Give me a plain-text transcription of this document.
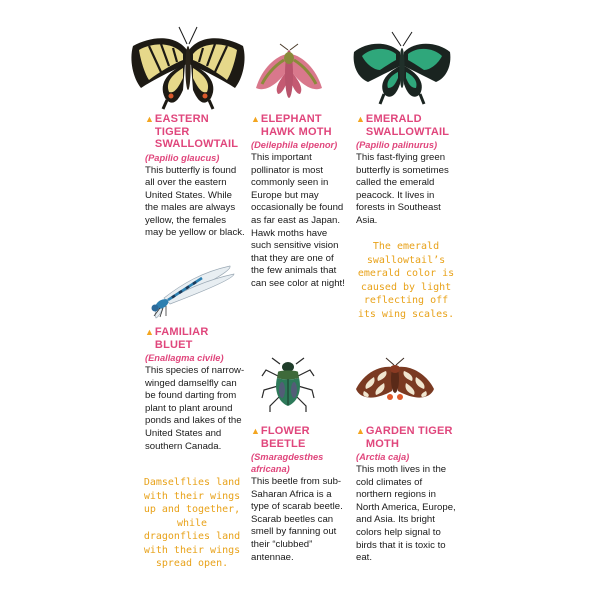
▲ EASTERN TIGER SWALLOWTAIL
(Papilio glaucus)
This butterfly is found all over the eastern United States. While the males are always yellow, the females may be yellow or black.
▲ ELEPHANT HAWK MOTH
(Deilephila elpenor)
This important pollinator is most commonly seen in Europe but may occasionally be found as far east as Japan. Hawk moths have such sensitive vision that they are one of the few animals that can see color at night!
▲ EMERALD SWALLOWTAIL
(Papilio palinurus)
This fast-flying green butterfly is sometimes called the emerald peacock. It lives in forests in Southeast Asia.
▲ FAMILIAR BLUET
(Enallagma civile)
This species of narrow-winged damselfly can be found darting from plant to plant around ponds and lakes of the United States and southern Canada.
▲ FLOWER BEETLE
(Smaragdesthes africana)
This beetle from sub-Saharan Africa is a type of scarab beetle. Scarab beetles can smell by fanning out their “clubbed” antennae.
▲ GARDEN TIGER MOTH
(Arctia caja)
This moth lives in the cold climates of northern regions in North America, Europe, and Asia. Its bright colors help signal to birds that it is toxic to eat.
The emerald swallowtail’s emerald color is caused by light reflecting off its wing scales.
Damselflies land with their wings up and together, while dragonflies land with their wings spread open.
